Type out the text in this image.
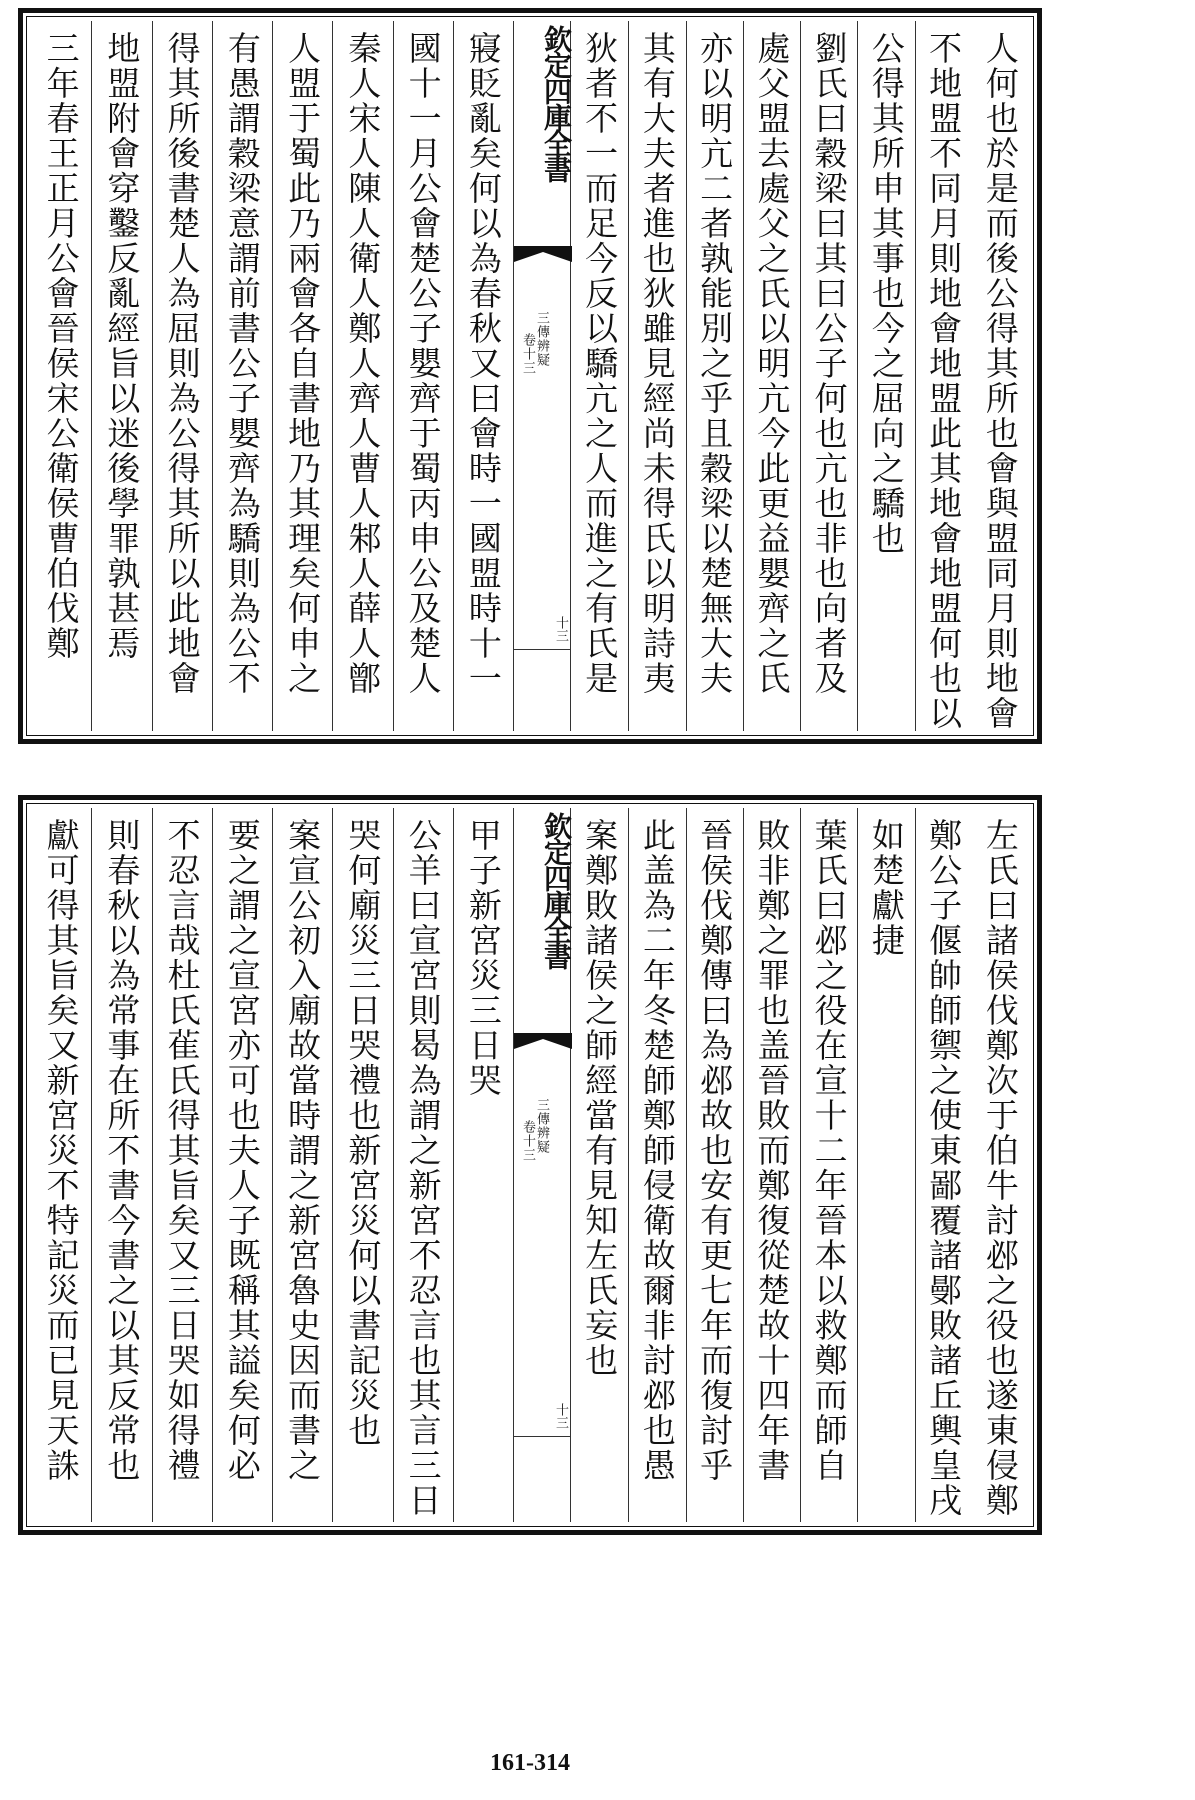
人何也於是而後公得其所也會與盟同月則地會
不地盟不同月則地會地盟此其地會地盟何也以
公得其所申其事也今之屈向之驕也
劉氏曰穀梁曰其曰公子何也亢也非也向者及
處父盟去處父之氏以明亢今此更益嬰齊之氏
亦以明亢二者孰能別之乎且穀梁以楚無大夫
其有大夫者進也狄雖見經尚未得氏以明詩夷
狄者不一而足今反以驕亢之人而進之有氏是
寢貶亂矣何以為春秋又曰會時一國盟時十一
國十一月公會楚公子嬰齊于蜀丙申公及楚人
秦人宋人陳人衛人鄭人齊人曹人邾人薛人鄫
人盟于蜀此乃兩會各自書地乃其理矣何申之
有愚謂穀梁意謂前書公子嬰齊為驕則為公不
得其所後書楚人為屈則為公得其所以此地會
地盟附會穿鑿反亂經旨以迷後學罪孰甚焉
三年春王正月公會晉侯宋公衛侯曹伯伐鄭	欽定四庫全書
三傳辨疑
卷十三
十三
左氏曰諸侯伐鄭次于伯牛討邲之役也遂東侵鄭
鄭公子偃帥師禦之使東鄙覆諸鄤敗諸丘輿皇戌
如楚獻捷
葉氏曰邲之役在宣十二年晉本以救鄭而師自
敗非鄭之罪也盖晉敗而鄭復從楚故十四年書
晉侯伐鄭傳曰為邲故也安有更七年而復討乎
此盖為二年冬楚師鄭師侵衛故爾非討邲也愚
案鄭敗諸侯之師經當有見知左氏妄也
甲子新宮災三日哭
公羊曰宣宮則曷為謂之新宮不忍言也其言三日
哭何廟災三日哭禮也新宮災何以書記災也
案宣公初入廟故當時謂之新宮魯史因而書之
要之謂之宣宮亦可也夫人子既稱其謚矣何必
不忍言哉杜氏雈氏得其旨矣又三日哭如得禮
則春秋以為常事在所不書今書之以其反常也
獻可得其旨矣又新宮災不特記災而已見天誅	欽定四庫全書
三傳辨疑
卷十三
十三
161-314
